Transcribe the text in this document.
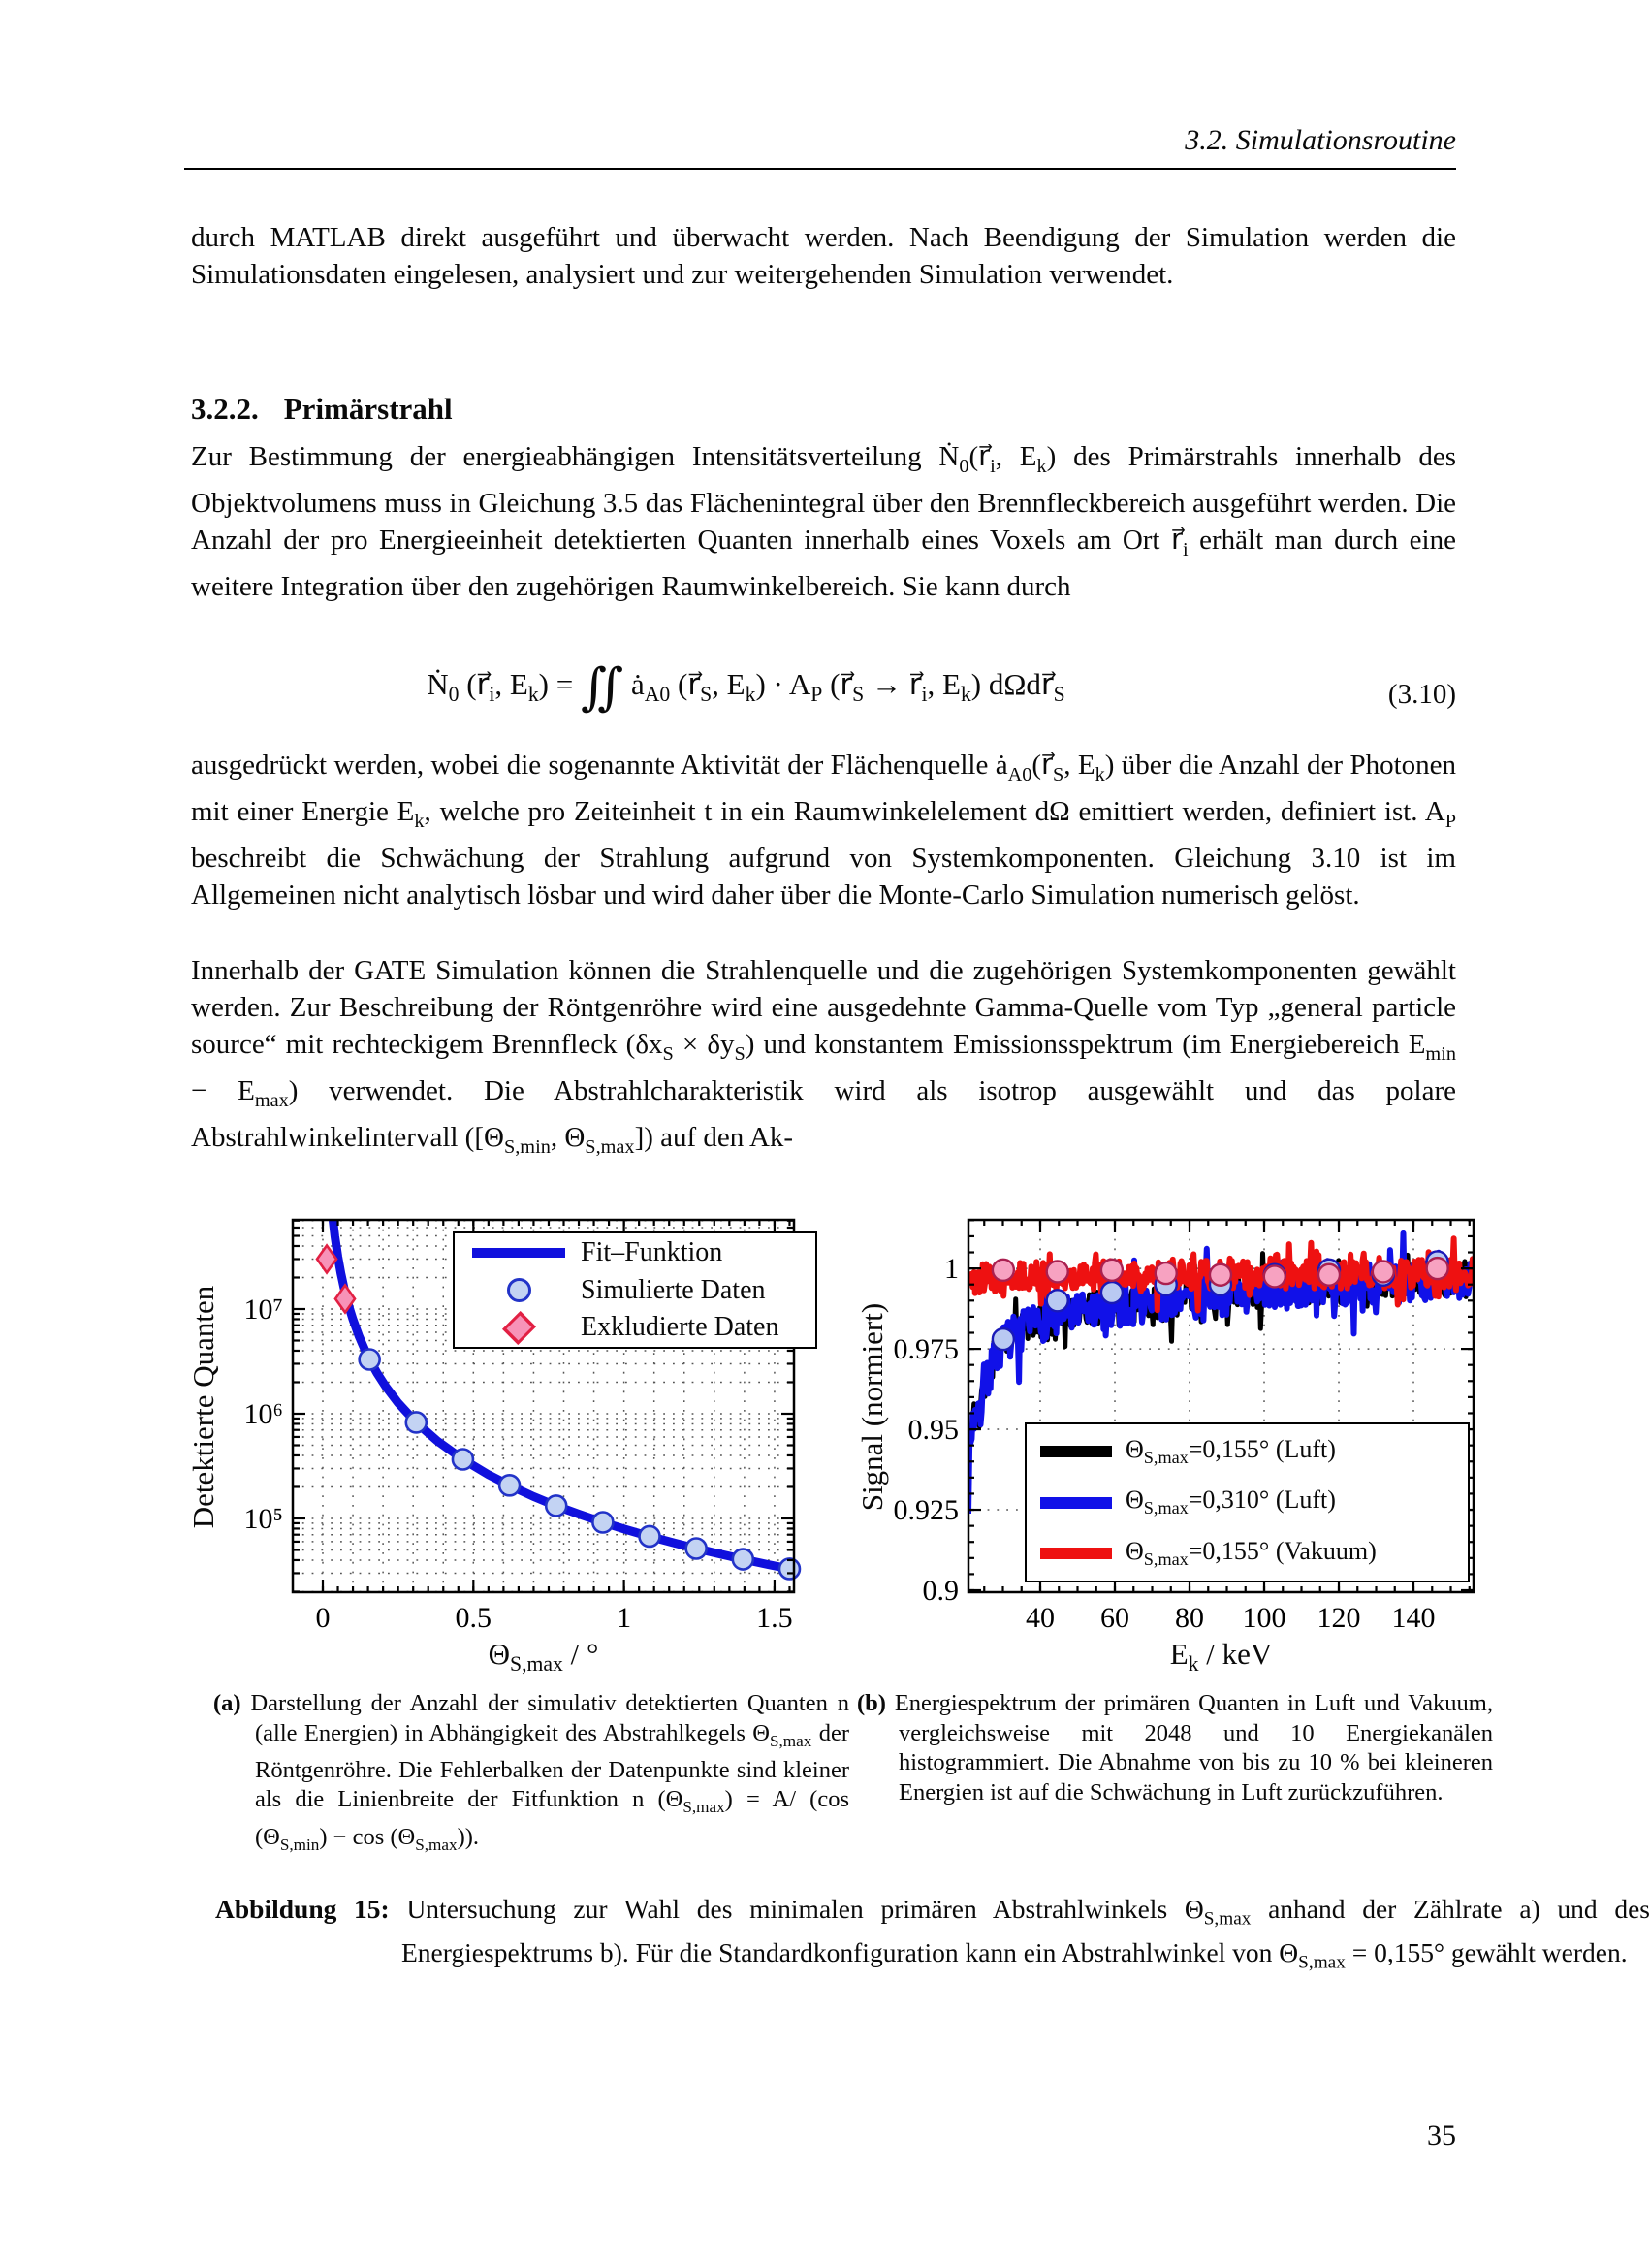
3.2. Simulationsroutine
durch MATLAB direkt ausgeführt und überwacht werden. Nach Beendigung der Simulation werden die Simulationsdaten eingelesen, analysiert und zur weitergehenden Simulation verwendet.
3.2.2. Primärstrahl
Zur Bestimmung der energieabhängigen Intensitätsverteilung $Ṅ_0(r⃗_i$, $E_k$) des Primärstrahls innerhalb des Objektvolumens muss in Gleichung 3.5 das Flächenintegral über den Brennfleckbereich ausgeführt werden. Die Anzahl der pro Energieeinheit detektierten Quanten innerhalb eines Voxels am Ort $r⃗_i$ erhält man durch eine weitere Integration über den zugehörigen Raumwinkelbereich. Sie kann durch
Ṅ$_0$ ($r⃗_i$, $E_k$) = ∬ $ȧ_{A0}$ ($r⃗_S$, $E_k) \cdot A_P$ ($r⃗_S$ → $r⃗_i$, $E_k$) $d\Omega dr⃗_S$	(3.10)
ausgedrückt werden, wobei die sogenannte Aktivität der Flächenquelle $ȧ_{A0}(r⃗_S$, $E_k$) über die Anzahl der Photonen mit einer Energie $E_k$, welche pro Zeiteinheit t in ein Raumwinkelelement dΩ emittiert werden, definiert ist. $A_P$ beschreibt die Schwächung der Strahlung aufgrund von Systemkomponenten. Gleichung 3.10 ist im Allgemeinen nicht analytisch lösbar und wird daher über die Monte-Carlo Simulation numerisch gelöst.
Innerhalb der GATE Simulation können die Strahlenquelle und die zugehörigen Systemkomponenten gewählt werden. Zur Beschreibung der Röntgenröhre wird eine ausgedehnte Gamma-Quelle vom Typ „general particle source“ mit rechteckigem Brennfleck $(\delta x_S \times \delta y_S)$ und konstantem Emissionsspektrum (im Energiebereich $E_{min} - E_{max}$) verwendet. Die Abstrahlcharakteristik wird als isotrop ausgewählt und das polare Abstrahlwinkelintervall ([$\Theta_{S,min}$, $\Theta_{S,max}$]) auf den Ak-
0	0.5	1	1.5
10⁵
10⁶
10⁷
Detektierte Quanten
$\Theta_{S,max}$ / °
Fit–Funktion
Simulierte Daten
Exkludierte Daten
40 60 80 100 120 140
0.9
0.925
0.95
0.975
1
Signal (normiert)
$E_k$ / keV
$\Theta_{S,max}=0,155^\circ$ (Luft)
$\Theta_{S,max}=0,310^\circ$ (Luft)
$\Theta_{S,max}=0,155^\circ$ (Vakuum)
(a) Darstellung der Anzahl der simulativ detektierten Quanten n (alle Energien) in Abhängigkeit des Abstrahlkegels $\Theta_{S,max}$ der Röntgenröhre. Die Fehlerbalken der Datenpunkte sind kleiner als die Linienbreite der Fitfunktion n $(\Theta_{S,max}) = A/$ (cos $(\Theta_{S,min}) - \cos (\Theta_{S,max})$).
(b) Energiespektrum der primären Quanten in Luft und Vakuum, vergleichsweise mit 2048 und 10 Energiekanälen histogrammiert. Die Abnahme von bis zu 10 % bei kleineren Energien ist auf die Schwächung in Luft zurückzuführen.
Abbildung 15: Untersuchung zur Wahl des minimalen primären Abstrahlwinkels $\Theta_{S,max}$ anhand der Zählrate a) und des Energiespektrums b). Für die Standardkonfiguration kann ein Abstrahlwinkel von $\Theta_{S,max} = 0,155^\circ$ gewählt werden.
35
